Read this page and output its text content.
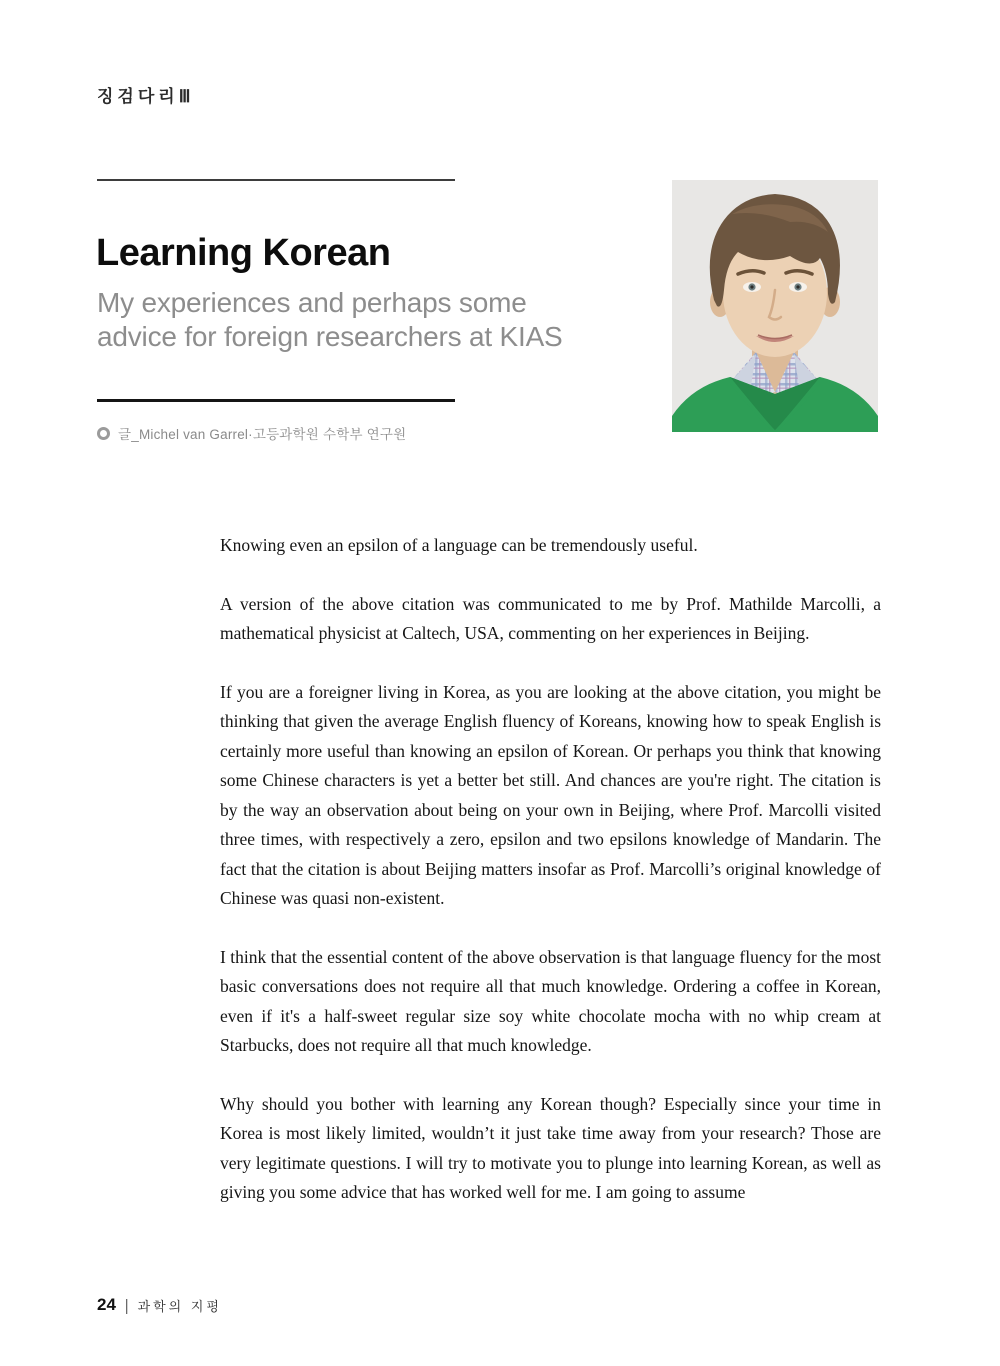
징검다리Ⅲ
Learning Korean
My experiences and perhaps some
advice for foreign researchers at KIAS
글_Michel van Garrel·고등과학원 수학부 연구원

Knowing even an epsilon of a language can be tremendously useful.

A version of the above citation was communicated to me by Prof. Mathilde Marcolli, a mathematical physicist at Caltech, USA, commenting on her experiences in Beijing.

If you are a foreigner living in Korea, as you are looking at the above citation, you might be thinking that given the average English fluency of Koreans, knowing how to speak English is certainly more useful than knowing an epsilon of Korean. Or perhaps you think that knowing some Chinese characters is yet a better bet still. And chances are you're right. The citation is by the way an observation about being on your own in Beijing, where Prof. Marcolli visited three times, with respectively a zero, epsilon and two epsilons knowledge of Mandarin. The fact that the citation is about Beijing matters insofar as Prof. Marcolli’s original knowledge of Chinese was quasi non-existent.

I think that the essential content of the above observation is that language fluency for the most basic conversations does not require all that much knowledge. Ordering a coffee in Korean, even if it's a half-sweet regular size soy white chocolate mocha with no whip cream at Starbucks, does not require all that much knowledge.

Why should you bother with learning any Korean though? Especially since your time in Korea is most likely limited, wouldn’t it just take time away from your research? Those are very legitimate questions. I will try to motivate you to plunge into learning Korean, as well as giving you some advice that has worked well for me. I am going to assume

24 | 과학의 지평
